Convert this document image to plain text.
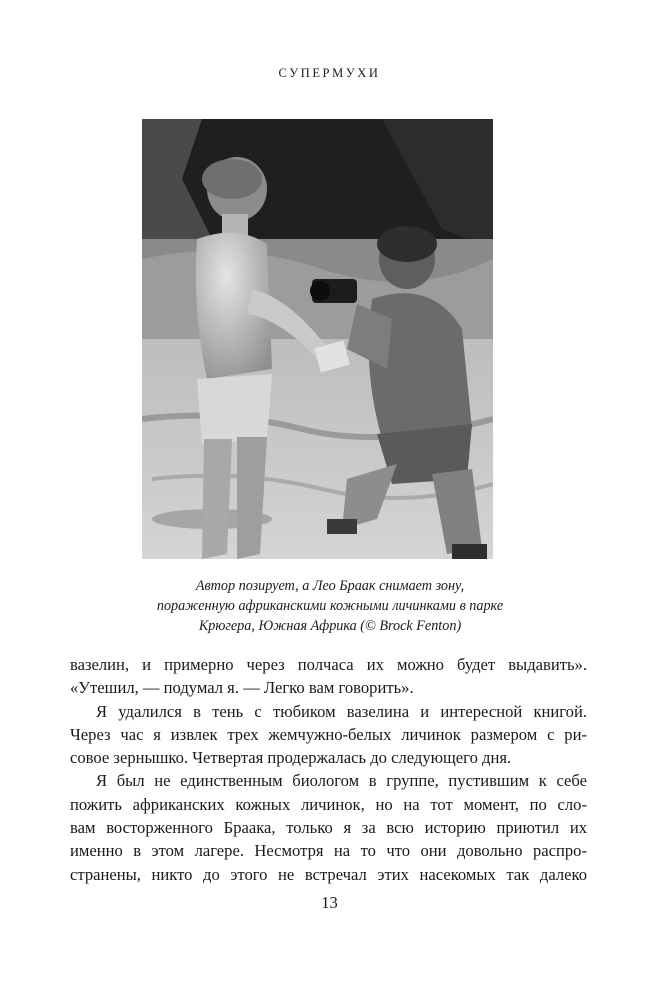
СУПЕРМУХИ
Автор позирует, а Лео Браак снимает зону,
пораженную африканскими кожными личинками в парке
Крюгера, Южная Африка (© Brock Fenton)
вазелин, и примерно через полчаса их можно будет выдавить».
«Утешил, — подумал я. — Легко вам говорить».
Я удалился в тень с тюбиком вазелина и интересной книгой.
Через час я извлек трех жемчужно-белых личинок размером с ри-
совое зернышко. Четвертая продержалась до следующего дня.
Я был не единственным биологом в группе, пустившим к себе
пожить африканских кожных личинок, но на тот момент, по сло-
вам восторженного Браака, только я за всю историю приютил их
именно в этом лагере. Несмотря на то что они довольно распро-
странены, никто до этого не встречал этих насекомых так далеко
13
